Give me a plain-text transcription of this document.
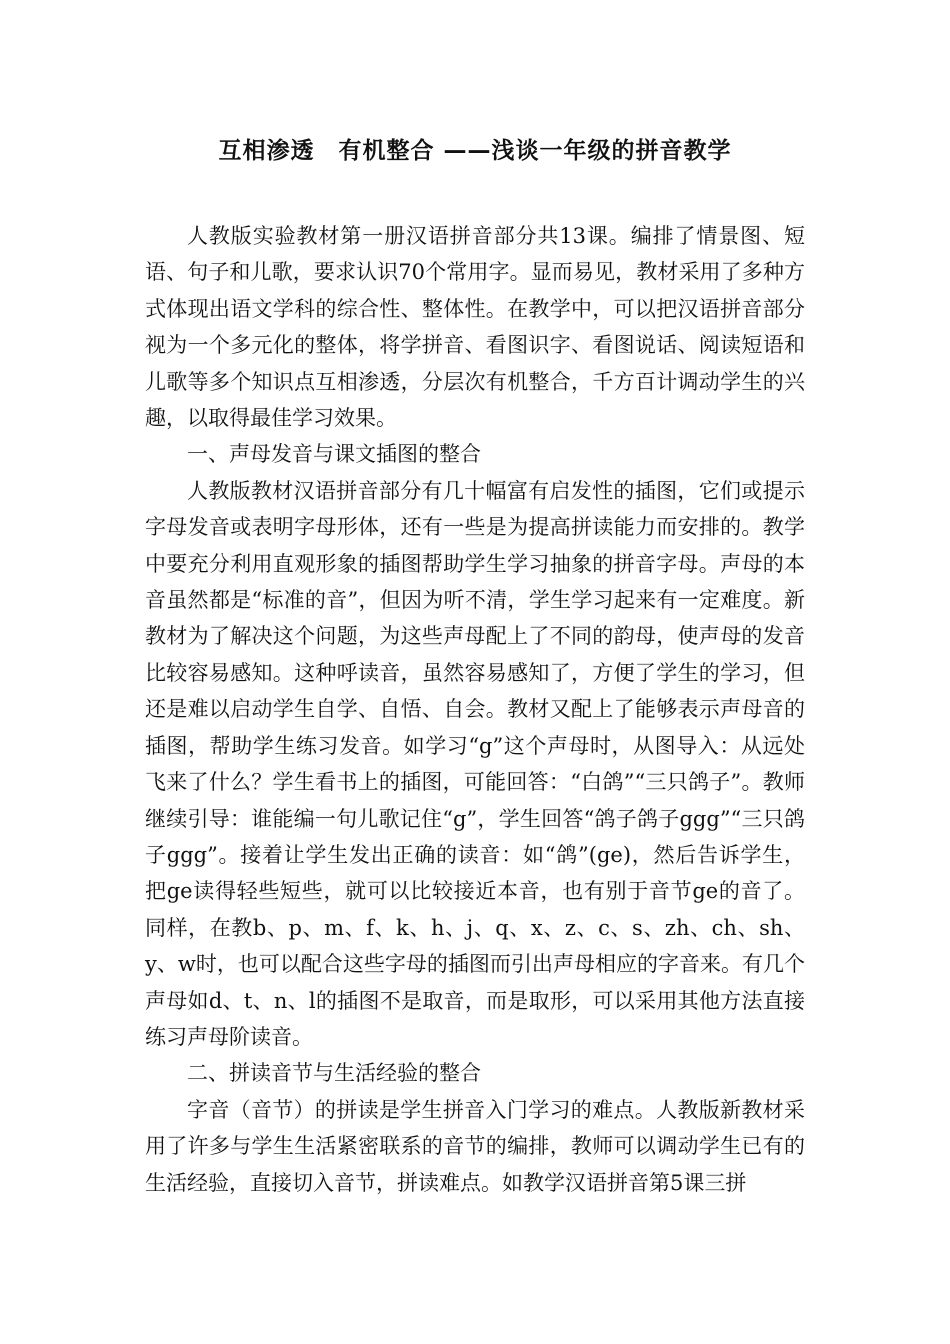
互相渗透　有机整合 ——浅谈一年级的拼音教学

人教版实验教材第一册汉语拼音部分共13课。编排了情景图、短语、句子和儿歌，要求认识70个常用字。显而易见，教材采用了多种方式体现出语文学科的综合性、整体性。在教学中，可以把汉语拼音部分视为一个多元化的整体，将学拼音、看图识字、看图说话、阅读短语和儿歌等多个知识点互相渗透，分层次有机整合，千方百计调动学生的兴趣，以取得最佳学习效果。

一、声母发音与课文插图的整合

人教版教材汉语拼音部分有几十幅富有启发性的插图，它们或提示字母发音或表明字母形体，还有一些是为提高拼读能力而安排的。教学中要充分利用直观形象的插图帮助学生学习抽象的拼音字母。声母的本音虽然都是“标准的音”，但因为听不清，学生学习起来有一定难度。新教材为了解决这个问题，为这些声母配上了不同的韵母，使声母的发音比较容易感知。这种呼读音，虽然容易感知了，方便了学生的学习，但还是难以启动学生自学、自悟、自会。教材又配上了能够表示声母音的插图，帮助学生练习发音。如学习“g”这个声母时，从图导入：从远处飞来了什么？学生看书上的插图，可能回答：“白鸽”“三只鸽子”。教师继续引导：谁能编一句儿歌记住“g”，学生回答“鸽子鸽子ggg”“三只鸽子ggg”。接着让学生发出正确的读音：如“鸽”(ge)，然后告诉学生，把ge读得轻些短些，就可以比较接近本音，也有别于音节ge的音了。同样，在教b、p、m、f、k、h、j、q、x、z、c、s、zh、ch、sh、y、w时，也可以配合这些字母的插图而引出声母相应的字音来。有几个声母如d、t、n、l的插图不是取音，而是取形，可以采用其他方法直接练习声母阶读音。

二、拼读音节与生活经验的整合

字音（音节）的拼读是学生拼音入门学习的难点。人教版新教材采用了许多与学生生活紧密联系的音节的编排，教师可以调动学生已有的生活经验，直接切入音节，拼读难点。如教学汉语拼音第5课三拼
